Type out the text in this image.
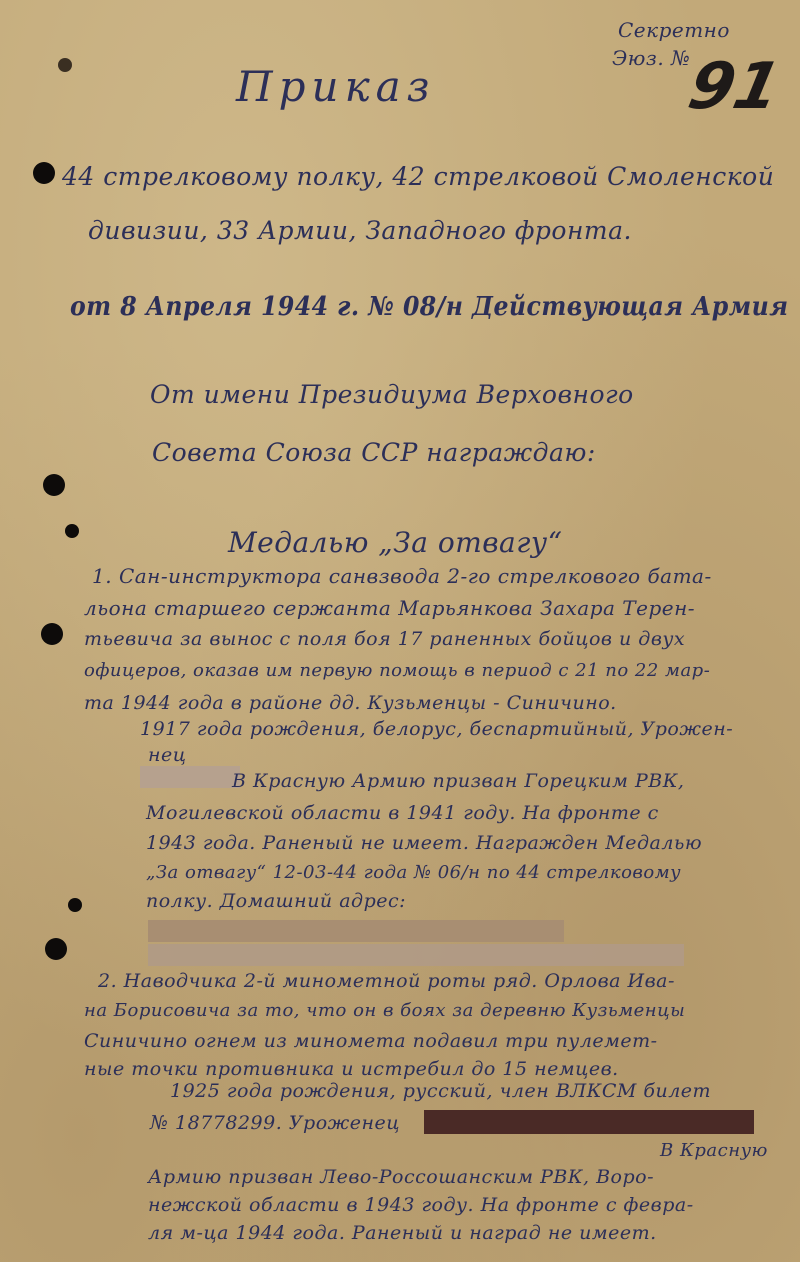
Секретно

Эюз. №

91

Приказ

44 стрелковому полку, 42 стрелковой Смоленской

дивизии, 33 Армии, Западного фронта.

от 8 Апреля 1944 г. № 08/н Действующая Армия

От имени Президиума Верховного

Совета Союза ССР награждаю:

Медалью „За отвагу“

1. Сан-инструктора санвзвода 2-го стрелкового бата-

льона старшего сержанта Марьянкова Захара Терен-

тьевича за вынос с поля боя 17 раненных бойцов и двух

офицеров, оказав им первую помощь в период с 21 по 22 мар-

та 1944 года в районе дд. Кузьменцы - Синичино.

1917 года рождения, белорус, беспартийный, Урожен-

нец

В Красную Армию призван Горецким РВК,

Могилевской области в 1941 году. На фронте с

1943 года. Раненый не имеет. Награжден Медалью

„За отвагу“ 12-03-44 года № 06/н по 44 стрелковому

полку. Домашний адрес:

2. Наводчика 2-й минометной роты ряд. Орлова Ива-

на Борисовича за то, что он в боях за деревню Кузьменцы

Синичино огнем из миномета подавил три пулемет-

ные точки противника и истребил до 15 немцев.

1925 года рождения, русский, член ВЛКСМ билет

№ 18778299. Уроженец

В Красную

Армию призван Лево-Россошанским РВК, Воро-

нежской области в 1943 году. На фронте с февра-

ля м-ца 1944 года. Раненый и наград не имеет.
